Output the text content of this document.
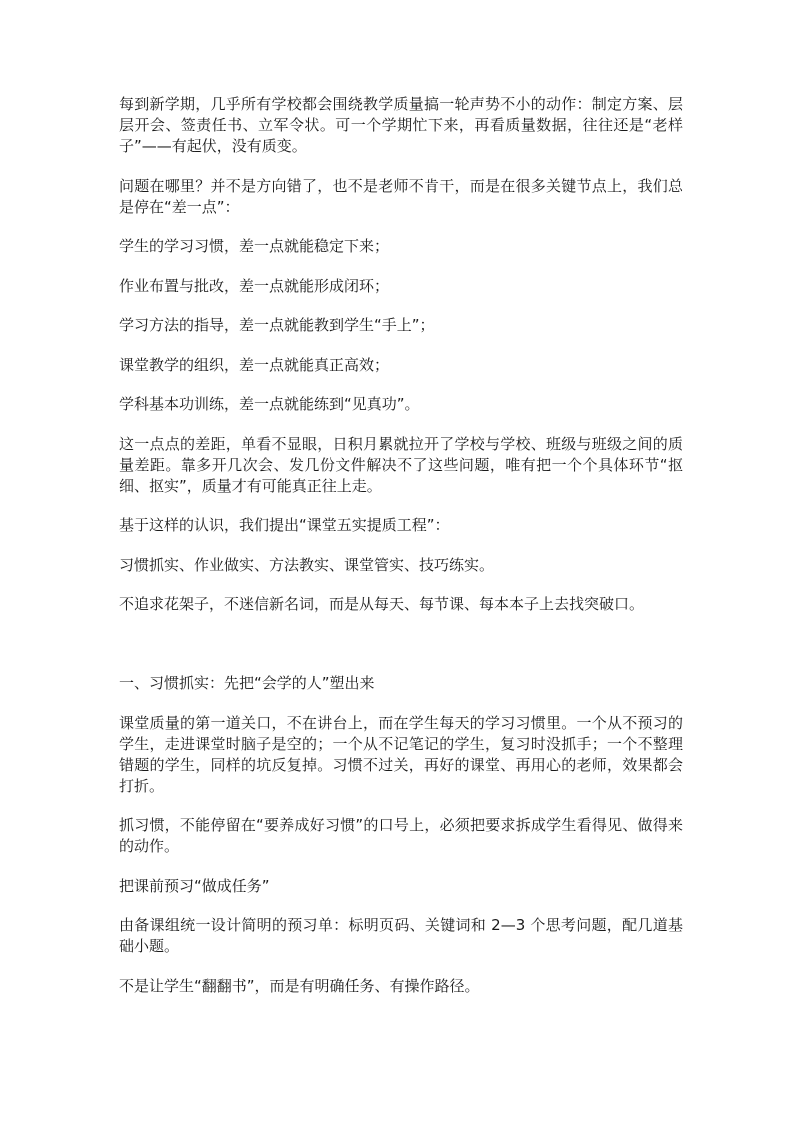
每到新学期，几乎所有学校都会围绕教学质量搞一轮声势不小的动作：制定方案、层层开会、签责任书、立军令状。可一个学期忙下来，再看质量数据，往往还是“老样子”——有起伏，没有质变。

问题在哪里？并不是方向错了，也不是老师不肯干，而是在很多关键节点上，我们总是停在“差一点”：

学生的学习习惯，差一点就能稳定下来；

作业布置与批改，差一点就能形成闭环；

学习方法的指导，差一点就能教到学生“手上”；

课堂教学的组织，差一点就能真正高效；

学科基本功训练，差一点就能练到“见真功”。

这一点点的差距，单看不显眼，日积月累就拉开了学校与学校、班级与班级之间的质量差距。靠多开几次会、发几份文件解决不了这些问题，唯有把一个个具体环节“抠细、抠实”，质量才有可能真正往上走。

基于这样的认识，我们提出“课堂五实提质工程”：

习惯抓实、作业做实、方法教实、课堂管实、技巧练实。

不追求花架子，不迷信新名词，而是从每天、每节课、每本本子上去找突破口。

一、习惯抓实：先把“会学的人”塑出来

课堂质量的第一道关口，不在讲台上，而在学生每天的学习习惯里。一个从不预习的学生，走进课堂时脑子是空的；一个从不记笔记的学生，复习时没抓手；一个不整理错题的学生，同样的坑反复掉。习惯不过关，再好的课堂、再用心的老师，效果都会打折。

抓习惯，不能停留在“要养成好习惯”的口号上，必须把要求拆成学生看得见、做得来的动作。

把课前预习“做成任务”

由备课组统一设计简明的预习单：标明页码、关键词和 2—3 个思考问题，配几道基础小题。

不是让学生“翻翻书”，而是有明确任务、有操作路径。
